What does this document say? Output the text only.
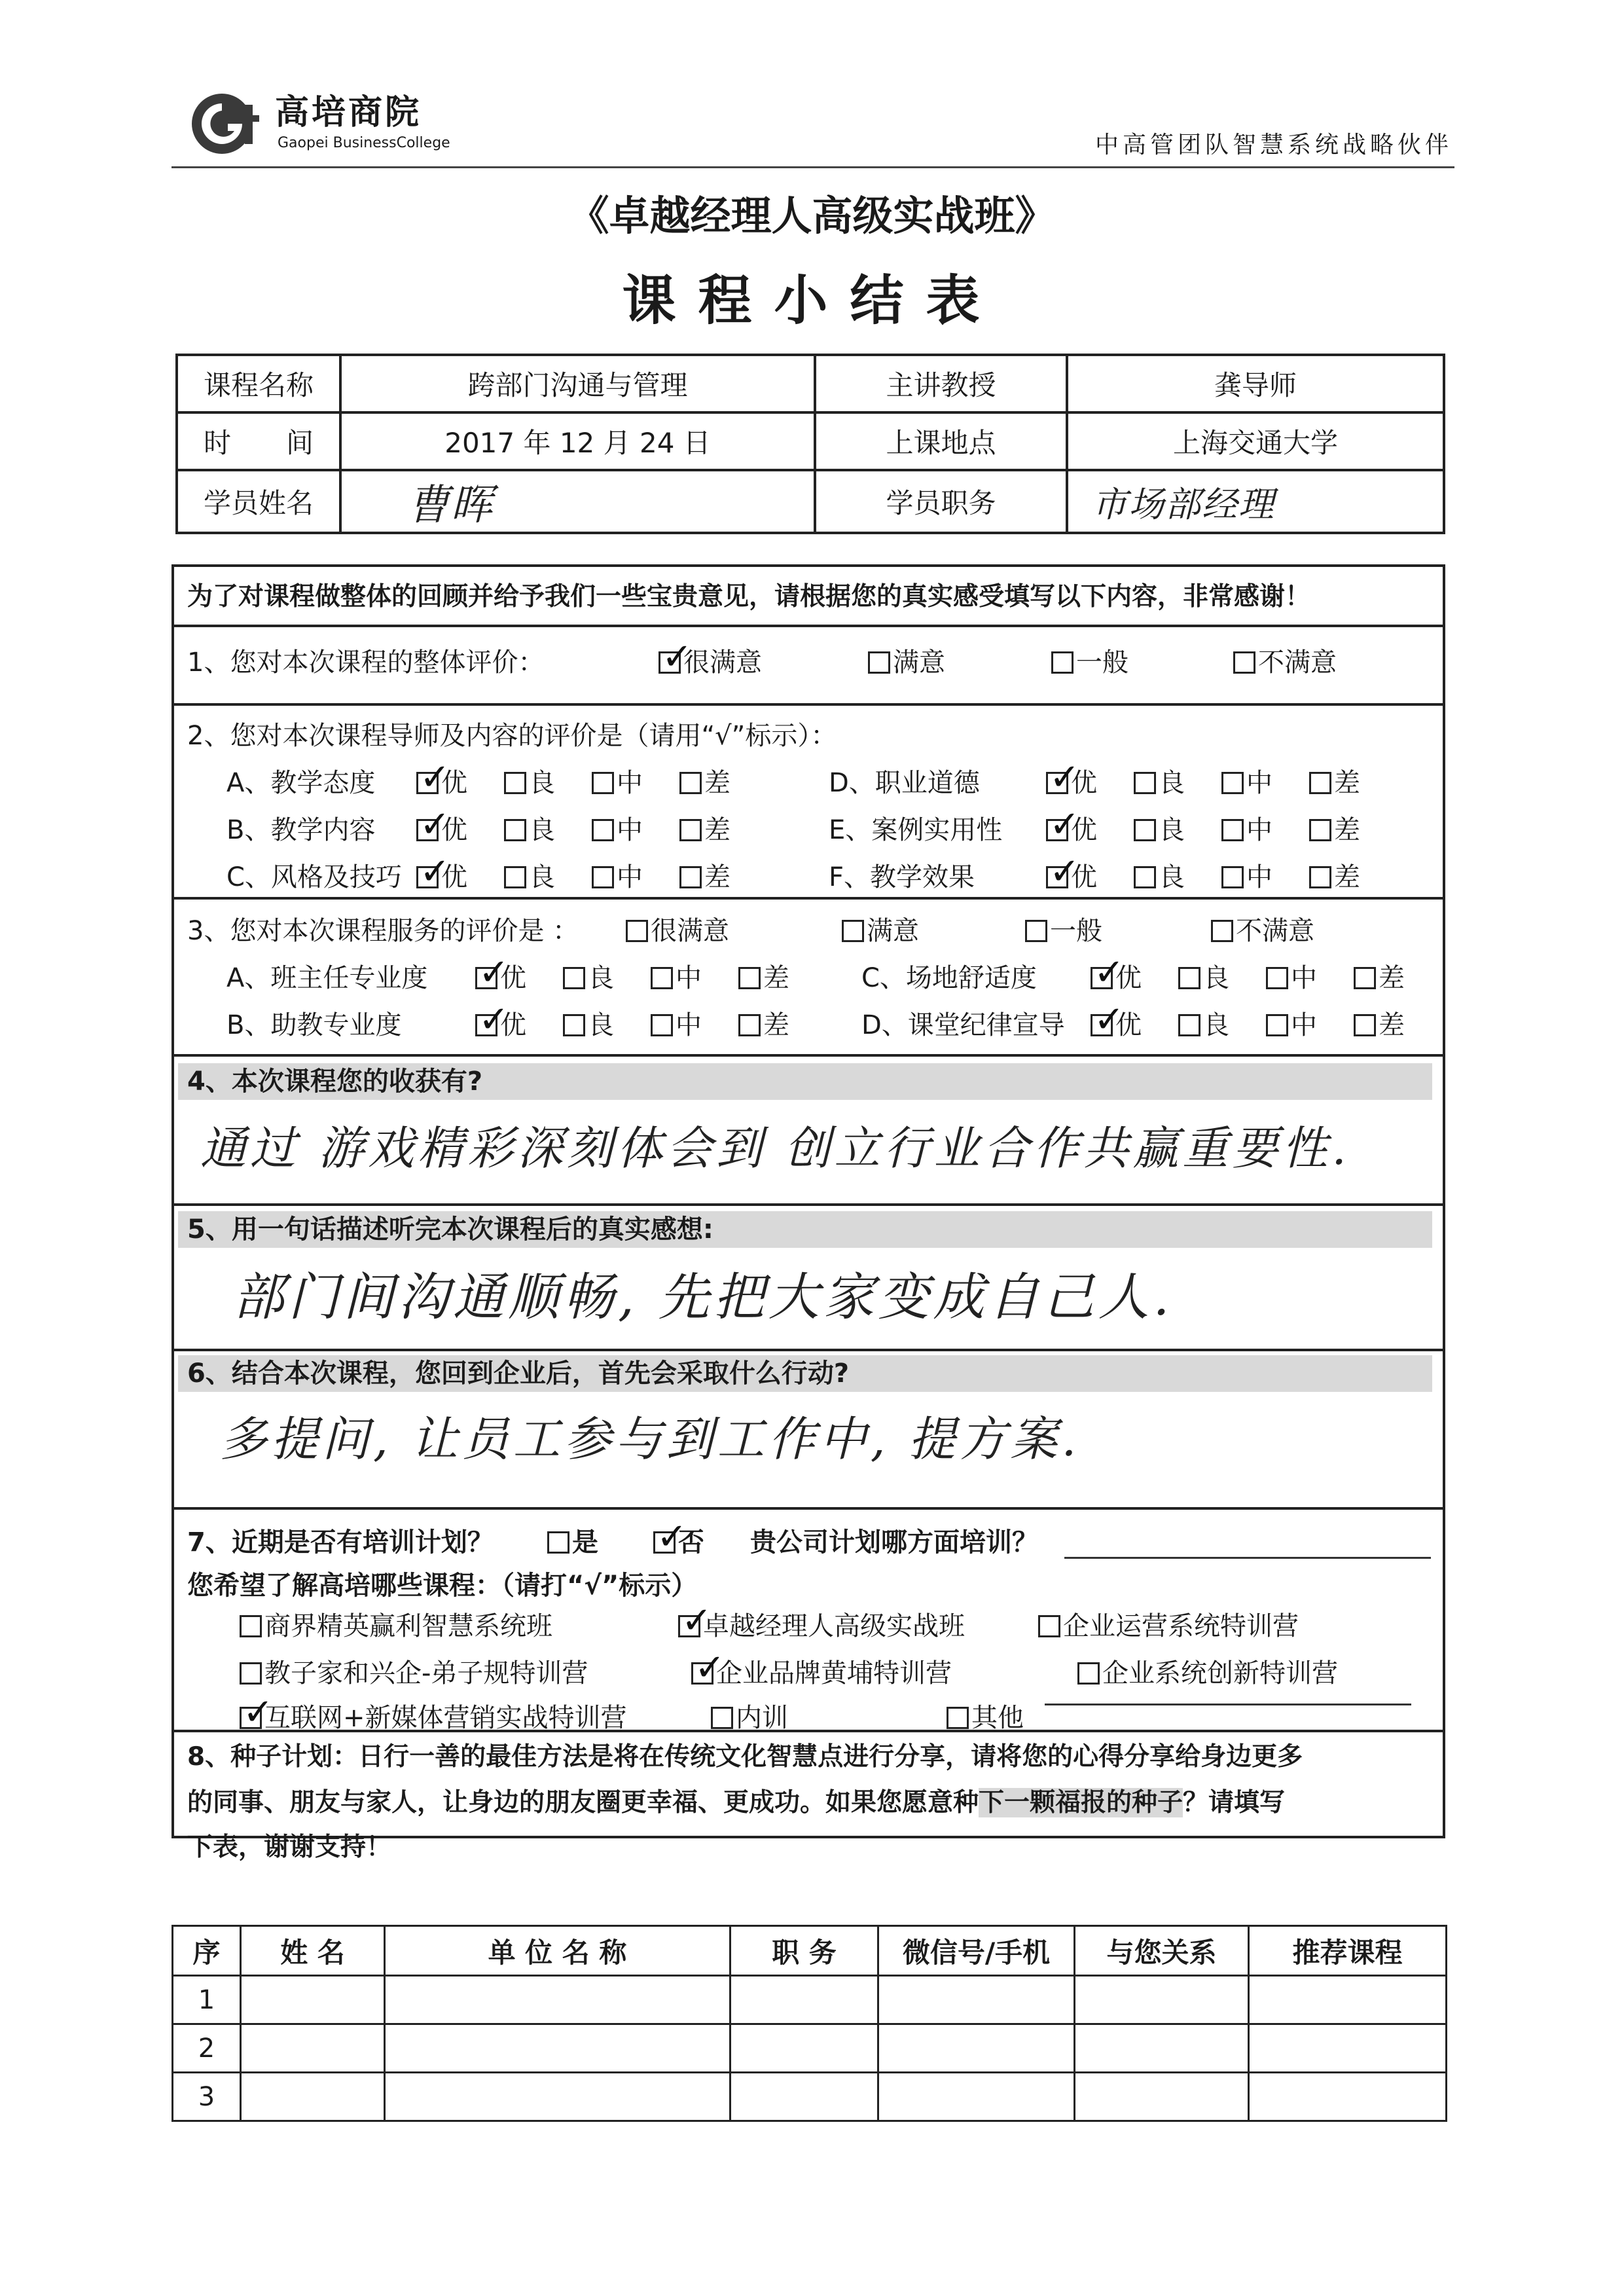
高培商院
Gaopei BusinessCollege	中高管团队智慧系统战略伙伴
《卓越经理人高级实战班》
课程小结表
课程名称	跨部门沟通与管理	主讲教授	龚导师
时　　间	2017 年 12 月 24 日	上课地点	上海交通大学
学员姓名	曹晖	学员职务	市场部经理
为了对课程做整体的回顾并给予我们一些宝贵意见，请根据您的真实感受填写以下内容，非常感谢！
1、您对本次课程的整体评价： ✓	很满意	满意	一般	不满意
2、您对本次课程导师及内容的评价是（请用“√”标示）：
A、教学态度 ✓	优	良	中	差
B、教学内容 ✓	优	良	中	差
C、风格及技巧 ✓	优	良	中	差
D、职业道德 ✓	优	良	中	差
E、案例实用性 ✓	优	良	中	差
F、教学效果 ✓	优	良	中	差
3、您对本次课程服务的评价是 ：	很满意	满意	一般	不满意
A、班主任专业度 ✓	优	良	中	差
B、助教专业度 ✓	优	良	中	差
C、场地舒适度 ✓	优	良	中	差
D、课堂纪律宣导 ✓	优	良	中	差
4、本次课程您的收获有?
通过 游戏精彩深刻体会到 创立行业合作共赢重要性.
5、用一句话描述听完本次课程后的真实感想:
部门间沟通顺畅, 先把大家变成自己人.
6、结合本次课程，您回到企业后，首先会采取什么行动?
多提问, 让员工参与到工作中, 提方案.
7、近期是否有培训计划？	是 ✓	否 贵公司计划哪方面培训？
您希望了解高培哪些课程：（请打“√”标示）
商界精英赢利智慧系统班 ✓	卓越经理人高级实战班	企业运营系统特训营
教子家和兴企-弟子规特训营 ✓	企业品牌黄埔特训营	企业系统创新特训营
✓互联网+新媒体营销实战特训营	内训	其他
8、种子计划：日行一善的最佳方法是将在传统文化智慧点进行分享，请将您的心得分享给身边更多
的同事、朋友与家人，让身边的朋友圈更幸福、更成功。如果您愿意种下一颗福报的种子？请填写
下表，谢谢支持！
序	姓 名	单 位 名 称	职 务	微信号/手机	与您关系	推荐课程
1						
2						
3						
